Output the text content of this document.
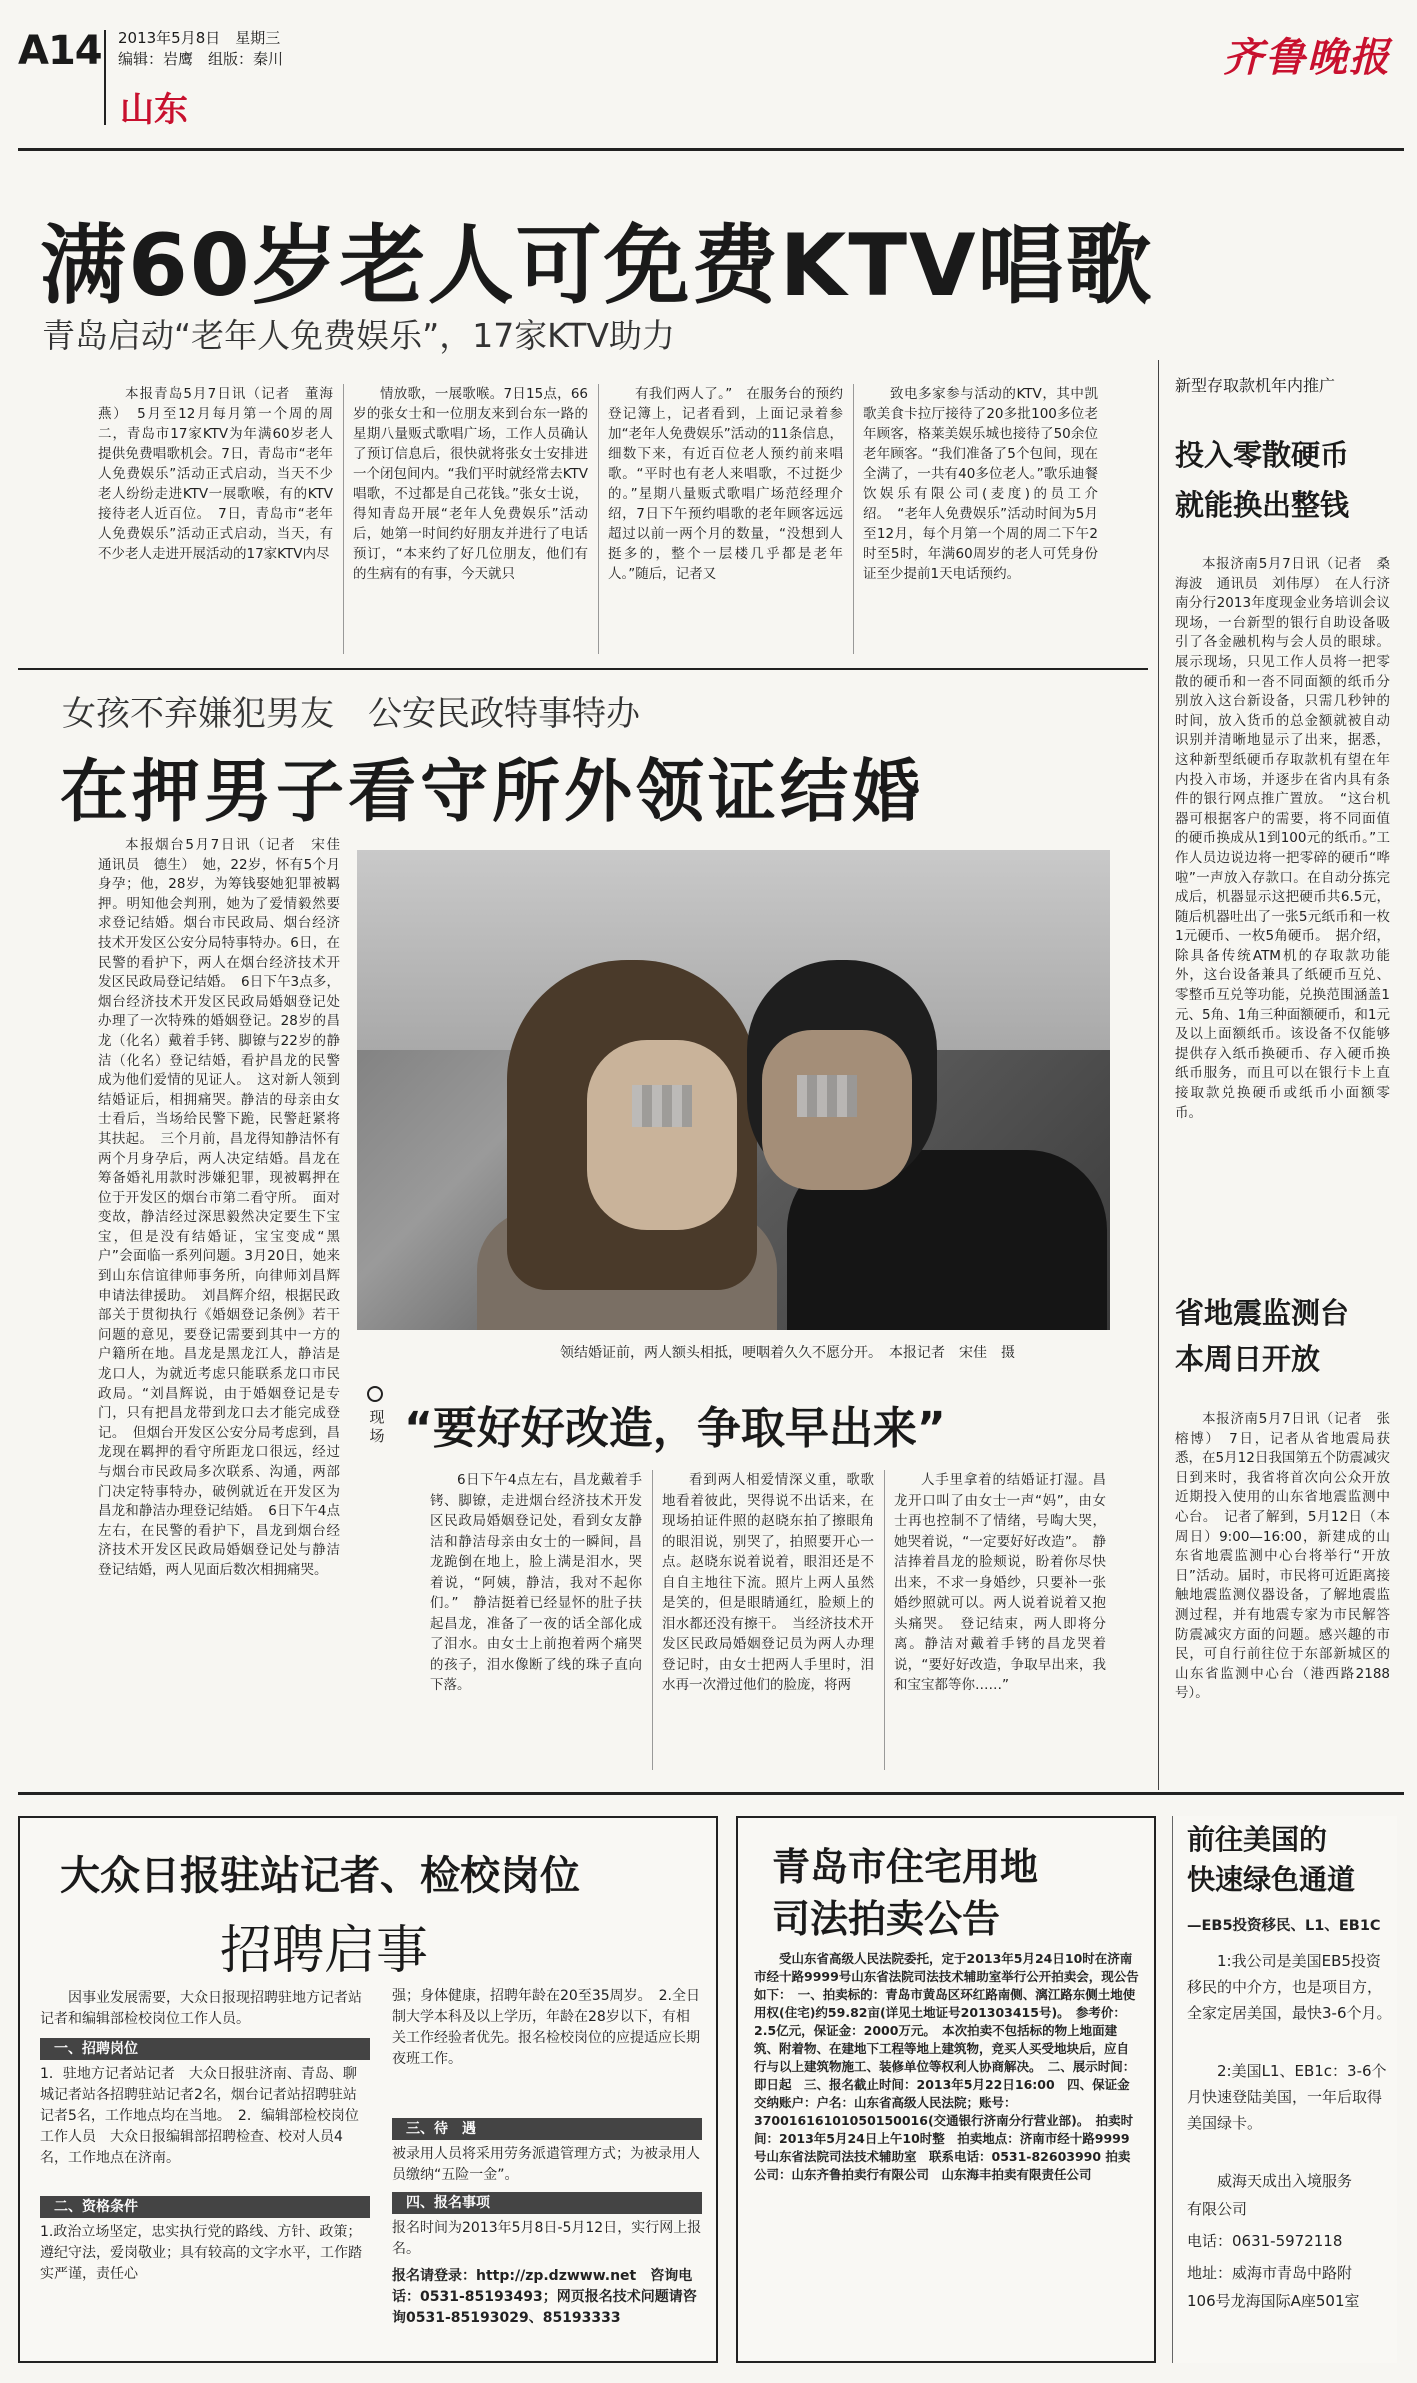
A14 2013年5月8日　星期三
编辑：岩鹰　组版：秦川
山东
齐鲁晚报
满60岁老人可免费KTV唱歌
青岛启动“老年人免费娱乐”，17家KTV助力

本报青岛5月7日讯（记者　董海燕）　5月至12月每月第一个周的周二，青岛市17家KTV为年满60岁老人提供免费唱歌机会。7日，青岛市“老年人免费娱乐”活动正式启动，当天不少老人纷纷走进KTV一展歌喉，有的KTV接待老人近百位。　7日，青岛市“老年人免费娱乐”活动正式启动，当天，有不少老人走进开展活动的17家KTV内尽

情放歌，一展歌喉。7日15点，66岁的张女士和一位朋友来到台东一路的星期八量贩式歌唱广场，工作人员确认了预订信息后，很快就将张女士安排进一个闭包间内。“我们平时就经常去KTV唱歌，不过都是自己花钱。”张女士说，得知青岛开展“老年人免费娱乐”活动后，她第一时间约好朋友并进行了电话预订，“本来约了好几位朋友，他们有的生病有的有事，今天就只

有我们两人了。”　在服务台的预约登记簿上，记者看到，上面记录着参加“老年人免费娱乐”活动的11条信息，细数下来，有近百位老人预约前来唱歌。“平时也有老人来唱歌，不过挺少的。”星期八量贩式歌唱广场范经理介绍，7日下午预约唱歌的老年顾客远远超过以前一两个月的数量，“没想到人挺多的，整个一层楼几乎都是老年人。”随后，记者又

致电多家参与活动的KTV，其中凯歌美食卡拉厅接待了20多批100多位老年顾客，格莱美娱乐城也接待了50余位老年顾客。“我们准备了5个包间，现在全满了，一共有40多位老人。”歌乐迪餐饮娱乐有限公司(麦度)的员工介绍。　“老年人免费娱乐”活动时间为5月至12月，每个月第一个周的周二下午2时至5时，年满60周岁的老人可凭身份证至少提前1天电话预约。

新型存取款机年内推广
投入零散硬币
就能换出整钱

本报济南5月7日讯（记者　桑海波　通讯员　刘伟厚）　在人行济南分行2013年度现金业务培训会议现场，一台新型的银行自助设备吸引了各金融机构与会人员的眼球。展示现场，只见工作人员将一把零散的硬币和一沓不同面额的纸币分别放入这台新设备，只需几秒钟的时间，放入货币的总金额就被自动识别并清晰地显示了出来，据悉，这种新型纸硬币存取款机有望在年内投入市场，并逐步在省内具有条件的银行网点推广置放。　“这台机器可根据客户的需要，将不同面值的硬币换成从1到100元的纸币。”工作人员边说边将一把零碎的硬币“哗啦”一声放入存款口。在自动分拣完成后，机器显示这把硬币共6.5元，随后机器吐出了一张5元纸币和一枚1元硬币、一枚5角硬币。　据介绍，除具备传统ATM机的存取款功能外，这台设备兼具了纸硬币互兑、零整币互兑等功能，兑换范围涵盖1元、5角、1角三种面额硬币，和1元及以上面额纸币。该设备不仅能够提供存入纸币换硬币、存入硬币换纸币服务，而且可以在银行卡上直接取款兑换硬币或纸币小面额零币。

省地震监测台
本周日开放

本报济南5月7日讯（记者　张榕博）　7日，记者从省地震局获悉，在5月12日我国第五个防震减灾日到来时，我省将首次向公众开放近期投入使用的山东省地震监测中心台。　记者了解到，5月12日（本周日）9:00—16:00，新建成的山东省地震监测中心台将举行“开放日”活动。届时，市民将可近距离接触地震监测仪器设备，了解地震监测过程，并有地震专家为市民解答防震减灾方面的问题。感兴趣的市民，可自行前往位于东部新城区的山东省监测中心台（港西路2188号）。

女孩不弃嫌犯男友　公安民政特事特办
在押男子看守所外领证结婚

本报烟台5月7日讯（记者　宋佳　通讯员　德生）　她，22岁，怀有5个月身孕；他，28岁，为筹钱娶她犯罪被羁押。明知他会判刑，她为了爱情毅然要求登记结婚。烟台市民政局、烟台经济技术开发区公安分局特事特办。6日，在民警的看护下，两人在烟台经济技术开发区民政局登记结婚。　6日下午3点多，烟台经济技术开发区民政局婚姻登记处办理了一次特殊的婚姻登记。28岁的昌龙（化名）戴着手铐、脚镣与22岁的静洁（化名）登记结婚，看护昌龙的民警成为他们爱情的见证人。　这对新人领到结婚证后，相拥痛哭。静洁的母亲由女士看后，当场给民警下跪，民警赶紧将其扶起。　三个月前，昌龙得知静洁怀有两个月身孕后，两人决定结婚。昌龙在筹备婚礼用款时涉嫌犯罪，现被羁押在位于开发区的烟台市第二看守所。　面对变故，静洁经过深思毅然决定要生下宝宝，但是没有结婚证，宝宝变成“黑户”会面临一系列问题。3月20日，她来到山东信谊律师事务所，向律师刘昌辉申请法律援助。　刘昌辉介绍，根据民政部关于贯彻执行《婚姻登记条例》若干问题的意见，要登记需要到其中一方的户籍所在地。昌龙是黑龙江人，静洁是龙口人，为就近考虑只能联系龙口市民政局。“刘昌辉说，由于婚姻登记是专门，只有把昌龙带到龙口去才能完成登记。　但烟台开发区公安分局考虑到，昌龙现在羁押的看守所距龙口很远，经过与烟台市民政局多次联系、沟通，两部门决定特事特办，破例就近在开发区为昌龙和静洁办理登记结婚。　6日下午4点左右，在民警的看护下，昌龙到烟台经济技术开发区民政局婚姻登记处与静洁登记结婚，两人见面后数次相拥痛哭。

领结婚证前，两人额头相抵，哽咽着久久不愿分开。　本报记者　宋佳　摄
现场 “要好好改造，争取早出来”

6日下午4点左右，昌龙戴着手铐、脚镣，走进烟台经济技术开发区民政局婚姻登记处，看到女友静洁和静洁母亲由女士的一瞬间，昌龙跪倒在地上，脸上满是泪水，哭着说，“阿姨，静洁，我对不起你们。”　静洁挺着已经显怀的肚子扶起昌龙，准备了一夜的话全部化成了泪水。由女士上前抱着两个痛哭的孩子，泪水像断了线的珠子直向下落。

看到两人相爱情深义重，歌歌地看着彼此，哭得说不出话来，在现场拍证件照的赵晓东拍了擦眼角的眼泪说，别哭了，拍照要开心一点。赵晓东说着说着，眼泪还是不自自主地往下流。照片上两人虽然是笑的，但是眼睛通红，脸颊上的泪水都还没有擦干。　当经济技术开发区民政局婚姻登记员为两人办理登记时，由女士把两人手里时，泪水再一次滑过他们的脸庞，将两

人手里拿着的结婚证打湿。昌龙开口叫了由女士一声“妈”，由女士再也控制不了情绪，号啕大哭，她哭着说，“一定要好好改造”。　静洁捧着昌龙的脸颊说，盼着你尽快出来，不求一身婚纱，只要补一张婚纱照就可以。两人说着说着又抱头痛哭。　登记结束，两人即将分离。静洁对戴着手铐的昌龙哭着说，“要好好改造，争取早出来，我和宝宝都等你……”

大众日报驻站记者、检校岗位
招聘启事
因事业发展需要，大众日报现招聘驻地方记者站记者和编辑部检校岗位工作人员。
一、招聘岗位
1．驻地方记者站记者　大众日报驻济南、青岛、聊城记者站各招聘驻站记者2名，烟台记者站招聘驻站记者5名，工作地点均在当地。　2．编辑部检校岗位工作人员　大众日报编辑部招聘检查、校对人员4名，工作地点在济南。
二、资格条件
1.政治立场坚定，忠实执行党的路线、方针、政策；遵纪守法，爱岗敬业；具有较高的文字水平，工作踏实严谨，责任心
强；身体健康，招聘年龄在20至35周岁。　2.全日制大学本科及以上学历，年龄在28岁以下，有相关工作经验者优先。报名检校岗位的应提适应长期夜班工作。
三、待　遇
被录用人员将采用劳务派遣管理方式；为被录用人员缴纳“五险一金”。
四、报名事项
报名时间为2013年5月8日-5月12日，实行网上报名。
报名请登录：http://zp.dzwww.net　咨询电话：0531-85193493；网页报名技术问题请咨询0531-85193029、85193333
青岛市住宅用地
司法拍卖公告
受山东省高级人民法院委托，定于2013年5月24日10时在济南市经十路9999号山东省法院司法技术辅助室举行公开拍卖会，现公告如下：　一、拍卖标的：青岛市黄岛区环红路南侧、漓江路东侧土地使用权(住宅)约59.82亩(详见土地证号201303415号)。　参考价：2.5亿元，保证金：2000万元。　本次拍卖不包括标的物上地面建筑、附着物、在建地下工程等地上建筑物，竞买人买受地块后，应自行与以上建筑物施工、装修单位等权利人协商解决。　二、展示时间：即日起　三、报名截止时间：2013年5月22日16:00　四、保证金交纳账户：户名：山东省高级人民法院；账号：37001616101050150016(交通银行济南分行营业部)。　拍卖时间：2013年5月24日上午10时整　拍卖地点：济南市经十路9999号山东省法院司法技术辅助室　联系电话：0531-82603990 拍卖公司：山东齐鲁拍卖行有限公司　山东海丰拍卖有限责任公司
前往美国的
快速绿色通道
—EB5投资移民、L1、EB1C
1:我公司是美国EB5投资移民的中介方，也是项目方，全家定居美国，最快3-6个月。
2:美国L1、EB1c：3-6个月快速登陆美国，一年后取得美国绿卡。
威海天成出入境服务
有限公司
电话：0631-5972118
地址：威海市青岛中路附
106号龙海国际A座501室
